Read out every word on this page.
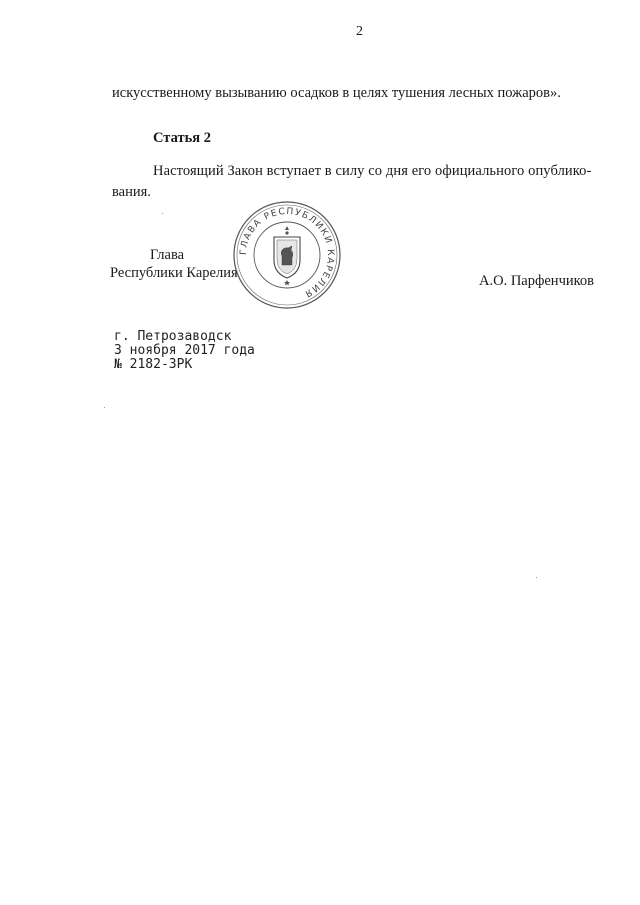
2
искусственному вызыванию осадков в целях тушения лесных пожаров».
Статья 2
Настоящий Закон вступает в силу со дня его официального опублико-
вания.
Глава
Республики Карелия
ГЛАВА РЕСПУБЛИКИ КАРЕЛИЯ
А.О. Парфенчиков
г. Петрозаводск
3 ноября 2017 года
№ 2182-ЗРК
